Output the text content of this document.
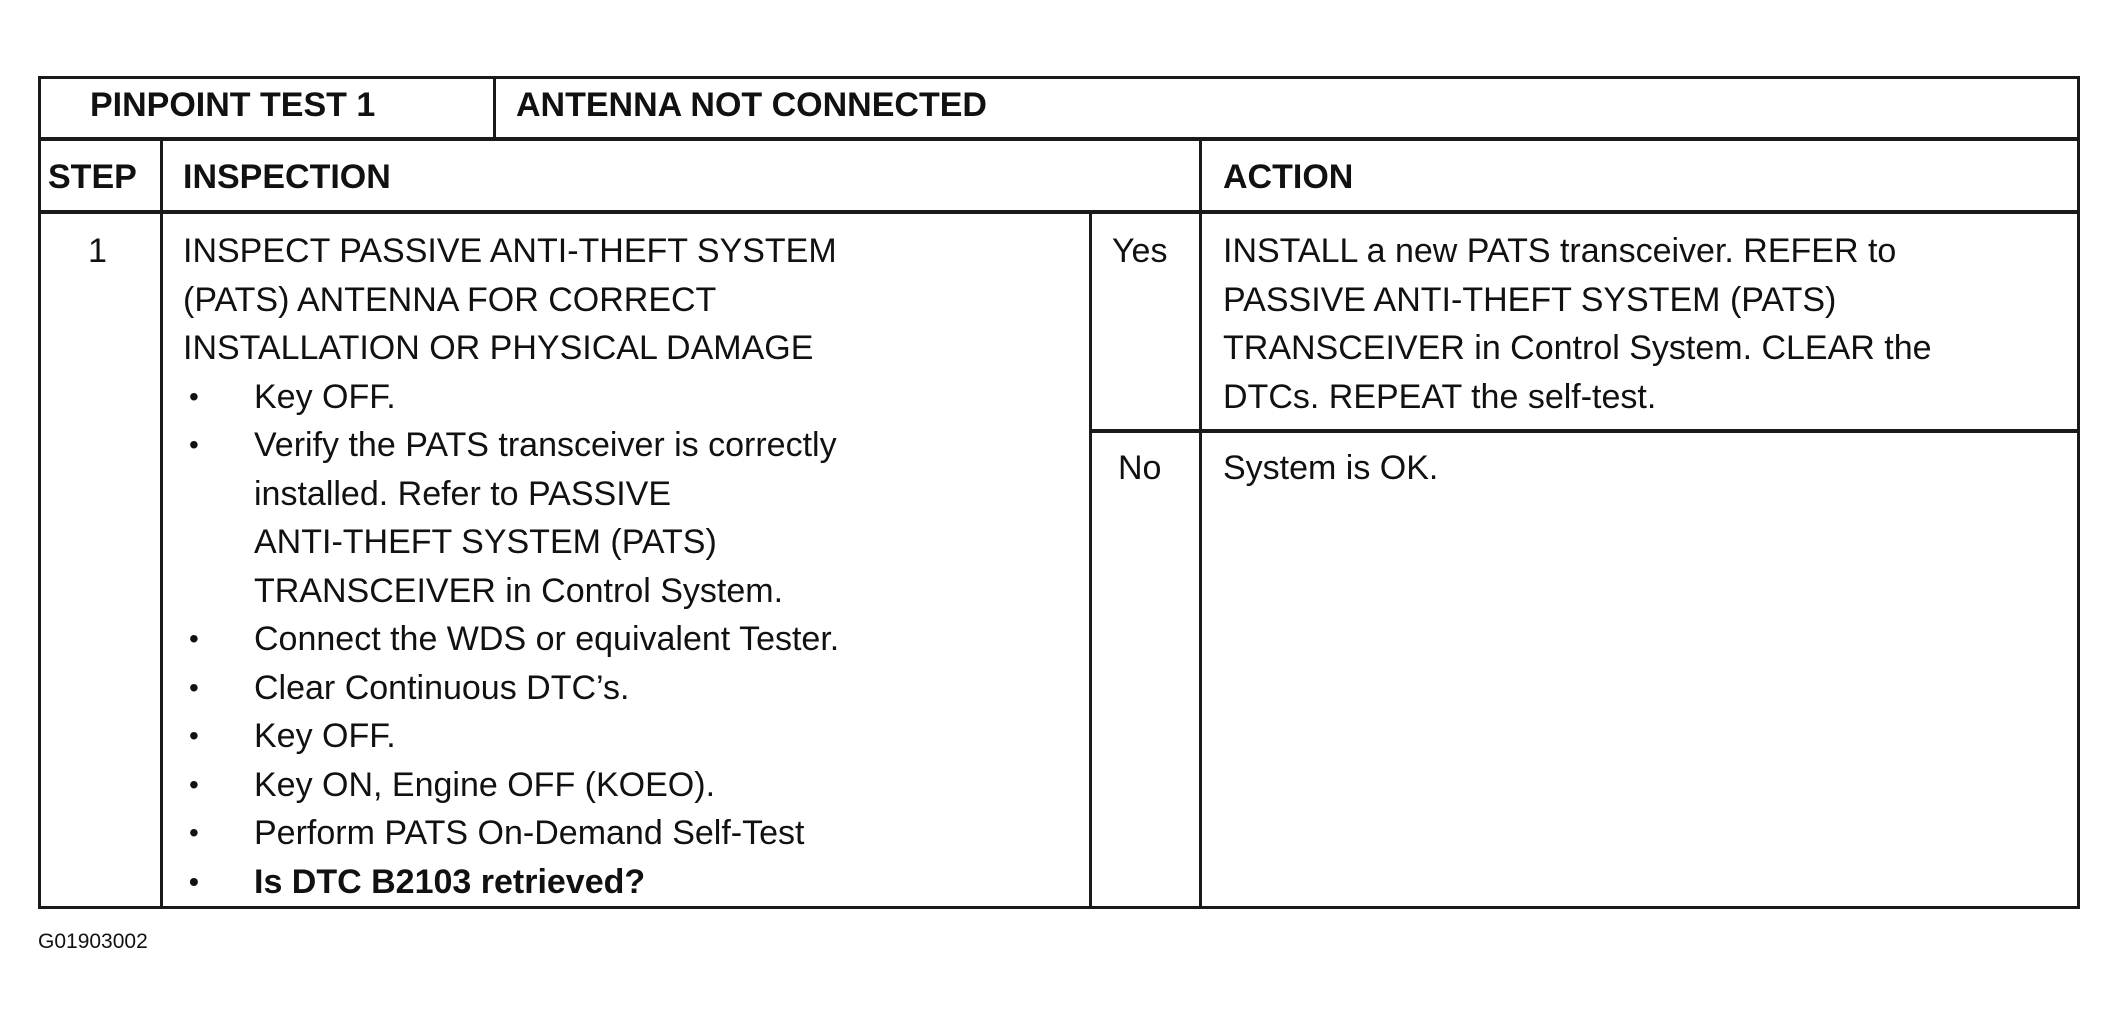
PINPOINT TEST 1	ANTENNA NOT CONNECTED
STEP INSPECTION	ACTION
1 INSPECT PASSIVE ANTI-THEFT SYSTEM
(PATS) ANTENNA FOR CORRECT
INSTALLATION OR PHYSICAL DAMAGE
• Key OFF.
• Verify the PATS transceiver is correctly
installed. Refer to PASSIVE
ANTI-THEFT SYSTEM (PATS)
TRANSCEIVER in Control System.
• Connect the WDS or equivalent Tester.
• Clear Continuous DTC’s.
• Key OFF.
• Key ON, Engine OFF (KOEO).
• Perform PATS On-Demand Self-Test
• Is DTC B2103 retrieved?
Yes
No
INSTALL a new PATS transceiver. REFER to
PASSIVE ANTI-THEFT SYSTEM (PATS)
TRANSCEIVER in Control System. CLEAR the
DTCs. REPEAT the self-test.
System is OK.
G01903002
